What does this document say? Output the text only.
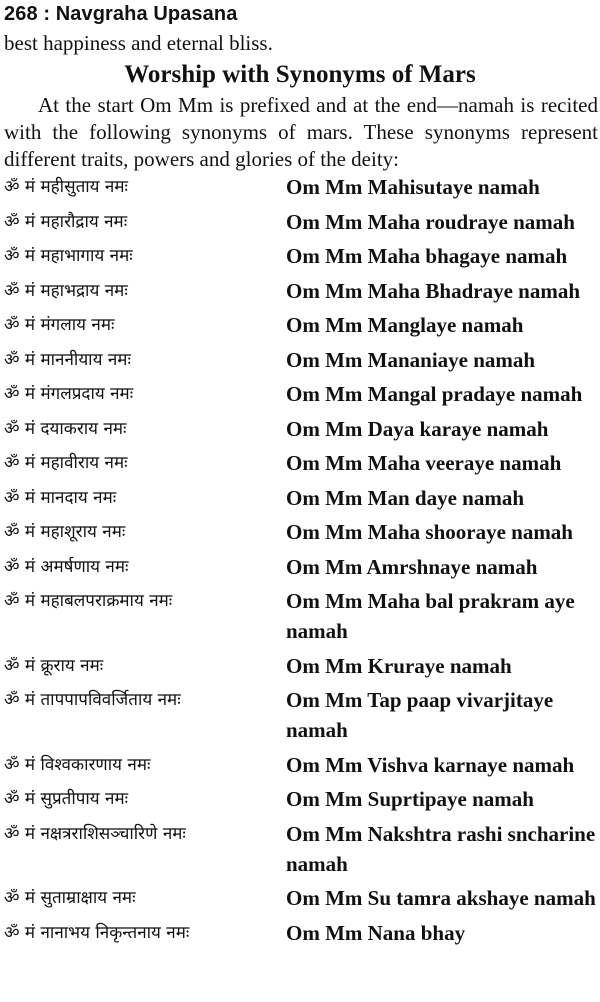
268 : Navgraha Upasana
best happiness and eternal bliss.
Worship with Synonyms of Mars

At the start Om Mm is prefixed and at the end—namah is recited with the following synonyms of mars. These synonyms represent different traits, powers and glories of the deity:

ॐ मं महीसुताय नमः	Om Mm Mahisutaye namah
ॐ मं महारौद्राय नमः	Om Mm Maha roudraye namah
ॐ मं महाभागाय नमः	Om Mm Maha bhagaye namah
ॐ मं महाभद्राय नमः	Om Mm Maha Bhadraye namah
ॐ मं मंगलाय नमः	Om Mm Manglaye namah
ॐ मं माननीयाय नमः	Om Mm Mananiaye namah
ॐ मं मंगलप्रदाय नमः	Om Mm Mangal pradaye namah
ॐ मं दयाकराय नमः	Om Mm Daya karaye namah
ॐ मं महावीराय नमः	Om Mm Maha veeraye namah
ॐ मं मानदाय नमः	Om Mm Man daye namah
ॐ मं महाशूराय नमः	Om Mm Maha shooraye namah
ॐ मं अमर्षणाय नमः	Om Mm Amrshnaye namah
ॐ मं महाबलपराक्रमाय नमः	Om Mm Maha bal prakram aye namah
ॐ मं क्रूराय नमः	Om Mm Kruraye namah
ॐ मं तापपापविवर्जिताय नमः	Om Mm Tap paap vivarjitaye namah
ॐ मं विश्वकारणाय नमः	Om Mm Vishva karnaye namah
ॐ मं सुप्रतीपाय नमः	Om Mm Suprtipaye namah
ॐ मं नक्षत्रराशिसञ्चारिणे नमः	Om Mm Nakshtra rashi sncharine namah
ॐ मं सुताम्राक्षाय नमः	Om Mm Su tamra akshaye namah
ॐ मं नानाभय निकृन्तनाय नमः	Om Mm Nana bhay
